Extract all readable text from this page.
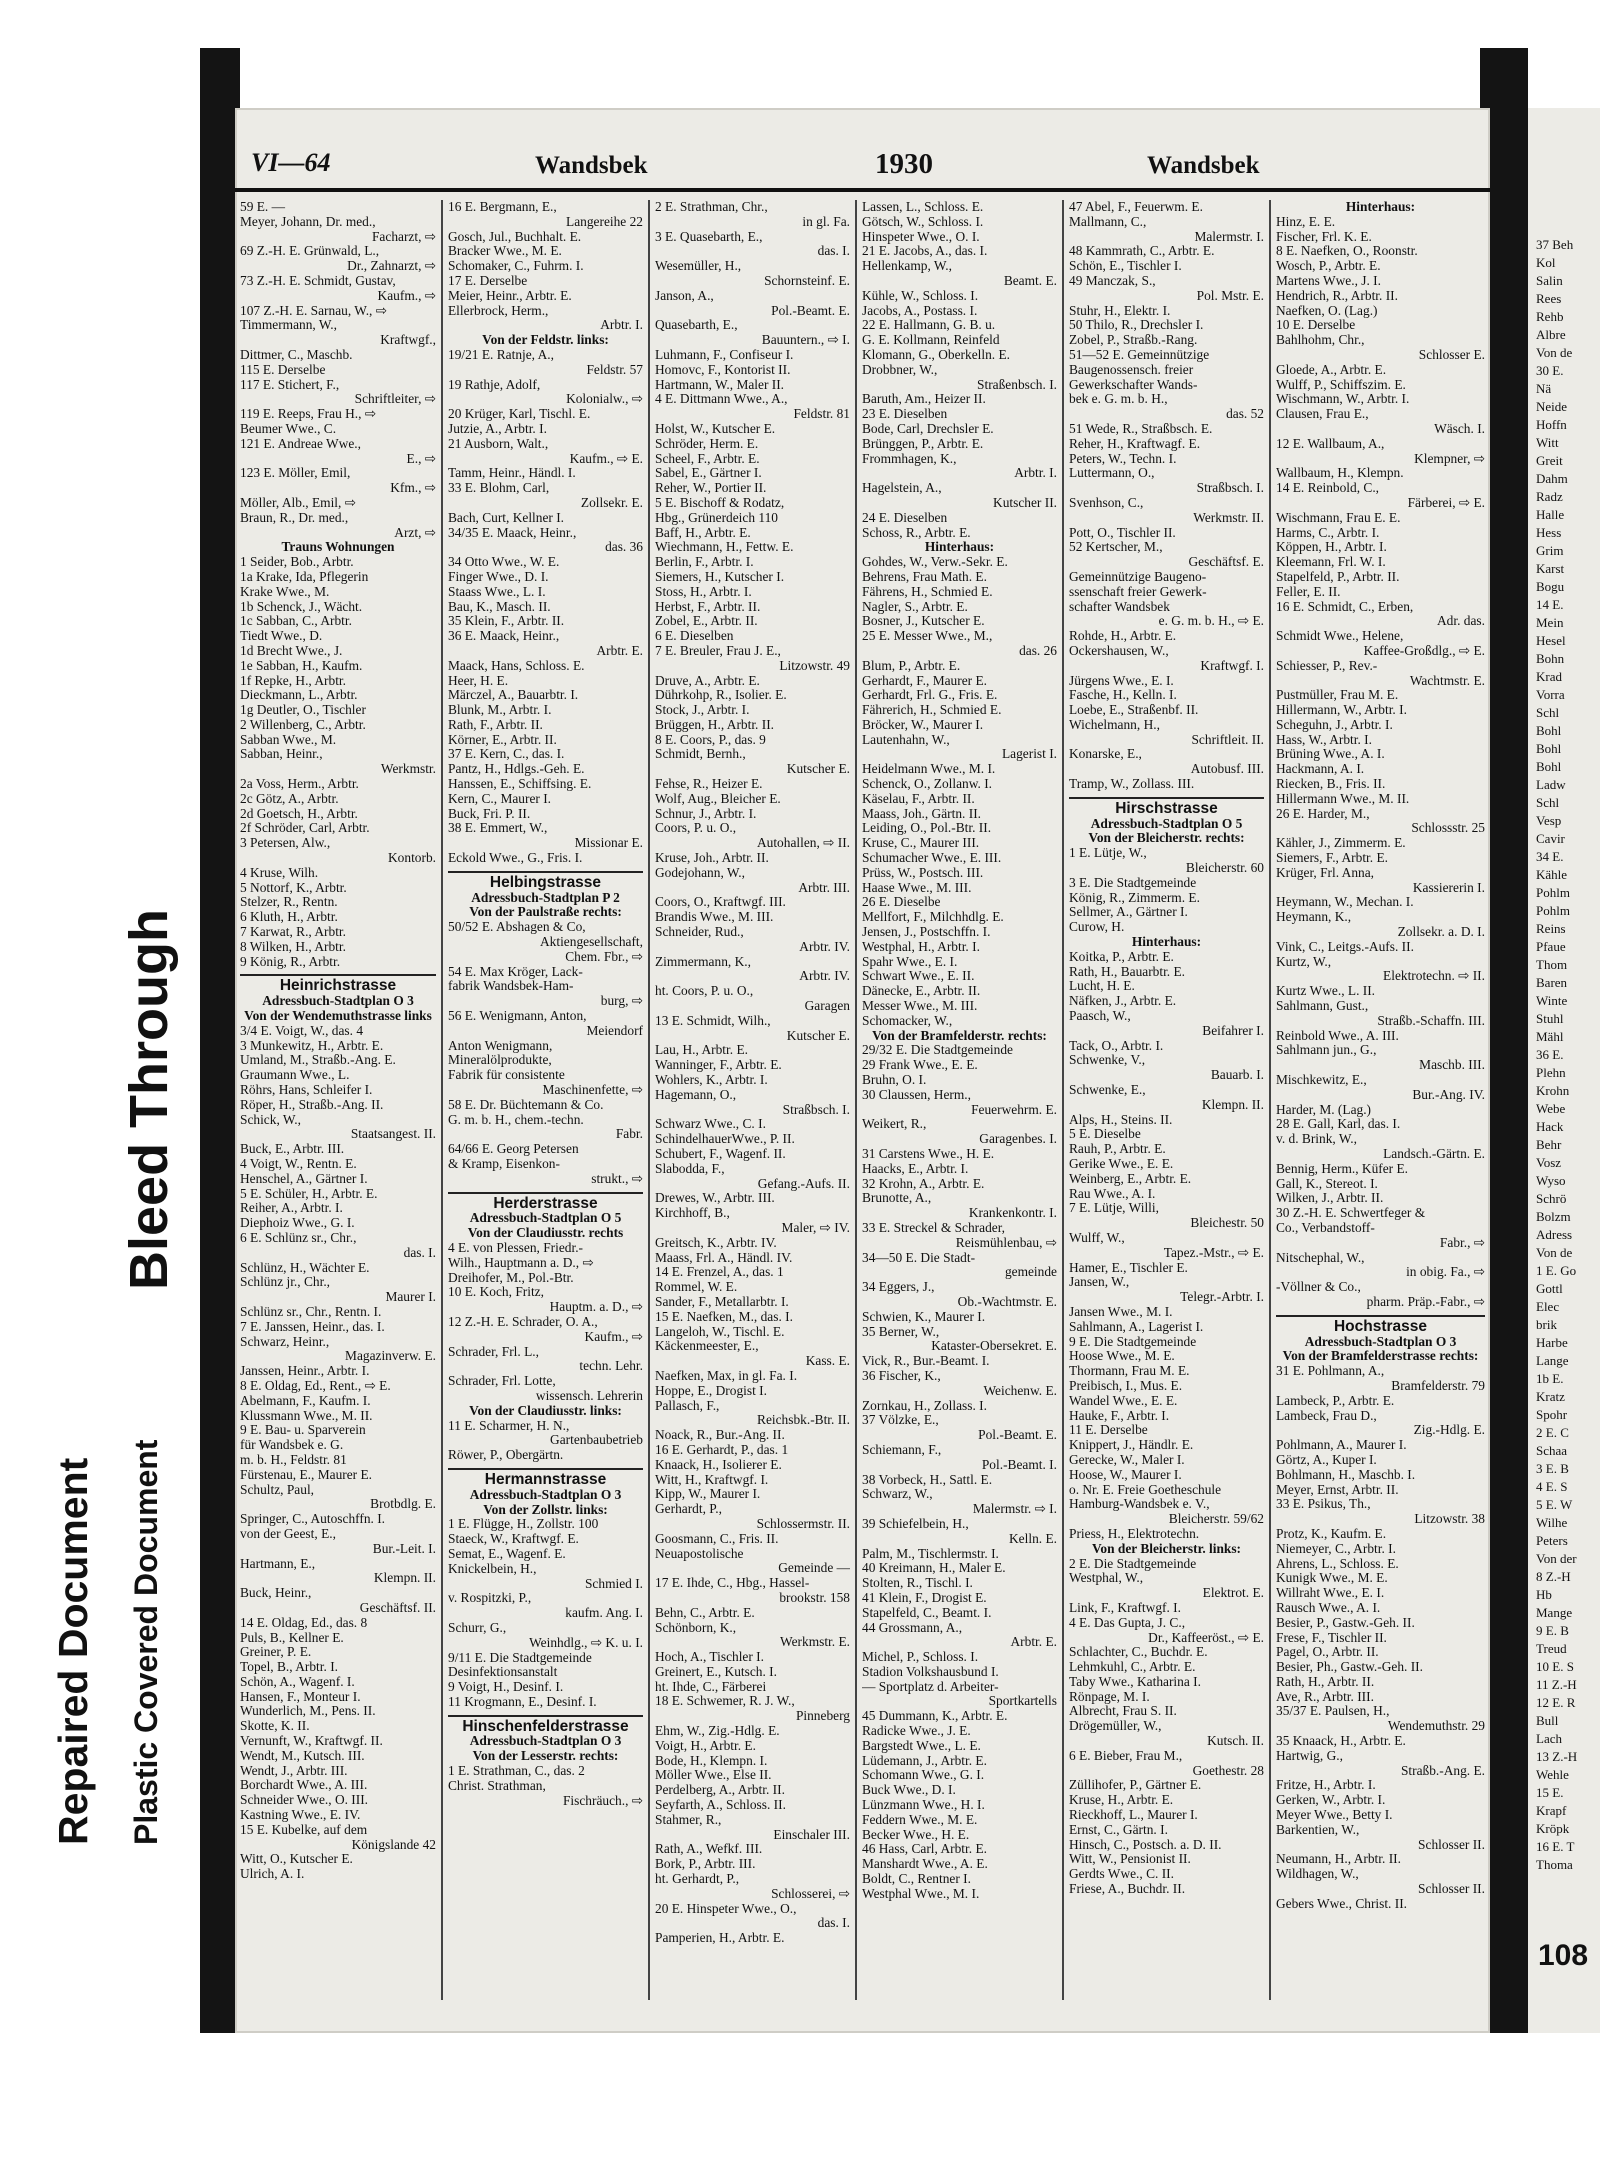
VI—64	Wandsbek	1930	Wandsbek
59 E. —
Meyer, Johann, Dr. med.,
Facharzt, ⇨
69 Z.-H. E. Grünwald, L.,
Dr., Zahnarzt, ⇨
73 Z.-H. E. Schmidt, Gustav,
Kaufm., ⇨
107 Z.-H. E. Sarnau, W., ⇨
Timmermann, W.,
Kraftwgf.,
Dittmer, C., Maschb.
115 E. Derselbe
117 E. Stichert, F.,
Schriftleiter, ⇨
119 E. Reeps, Frau H., ⇨
Beumer Wwe., C.
121 E. Andreae Wwe.,
E., ⇨
123 E. Möller, Emil,
Kfm., ⇨
Möller, Alb., Emil, ⇨
Braun, R., Dr. med.,
Arzt, ⇨
Trauns Wohnungen
1 Seider, Bob., Arbtr.
1a Krake, Ida, Pflegerin
Krake Wwe., M.
1b Schenck, J., Wächt.
1c Sabban, C., Arbtr.
Tiedt Wwe., D.
1d Brecht Wwe., J.
1e Sabban, H., Kaufm.
1f Repke, H., Arbtr.
Dieckmann, L., Arbtr.
1g Deutler, O., Tischler
2 Willenberg, C., Arbtr.
Sabban Wwe., M.
Sabban, Heinr.,
Werkmstr.
2a Voss, Herm., Arbtr.
2c Götz, A., Arbtr.
2d Goetsch, H., Arbtr.
2f Schröder, Carl, Arbtr.
3 Petersen, Alw.,
Kontorb.
4 Kruse, Wilh.
5 Nottorf, K., Arbtr.
Stelzer, R., Rentn.
6 Kluth, H., Arbtr.
7 Karwat, R., Arbtr.
8 Wilken, H., Arbtr.
9 König, R., Arbtr.
Heinrichstrasse
Adressbuch-Stadtplan O 3
Von der Wendemuthstrasse links
3/4 E. Voigt, W., das. 4
3 Munkewitz, H., Arbtr. E.
Umland, M., Straßb.-Ang. E.
Graumann Wwe., L.
Röhrs, Hans, Schleifer I.
Röper, H., Straßb.-Ang. II.
Schick, W.,
Staatsangest. II.
Buck, E., Arbtr. III.
4 Voigt, W., Rentn. E.
Henschel, A., Gärtner I.
5 E. Schüler, H., Arbtr. E.
Reiher, A., Arbtr. I.
Diephoiz Wwe., G. I.
6 E. Schlünz sr., Chr.,
das. I.
Schlünz, H., Wächter E.
Schlünz jr., Chr.,
Maurer I.
Schlünz sr., Chr., Rentn. I.
7 E. Janssen, Heinr., das. I.
Schwarz, Heinr.,
Magazinverw. E.
Janssen, Heinr., Arbtr. I.
8 E. Oldag, Ed., Rent., ⇨ E.
Abelmann, F., Kaufm. I.
Klussmann Wwe., M. II.
9 E. Bau- u. Sparverein
für Wandsbek e. G.
m. b. H., Feldstr. 81
Fürstenau, E., Maurer E.
Schultz, Paul,
Brotbdlg. E.
Springer, C., Autoschffn. I.
von der Geest, E.,
Bur.-Leit. I.
Hartmann, E.,
Klempn. II.
Buck, Heinr.,
Geschäftsf. II.
14 E. Oldag, Ed., das. 8
Puls, B., Kellner E.
Greiner, P. E.
Topel, B., Arbtr. I.
Schön, A., Wagenf. I.
Hansen, F., Monteur I.
Wunderlich, M., Pens. II.
Skotte, K. II.
Vernunft, W., Kraftwgf. II.
Wendt, M., Kutsch. III.
Wendt, J., Arbtr. III.
Borchardt Wwe., A. III.
Schneider Wwe., O. III.
Kastning Wwe., E. IV.
15 E. Kubelke, auf dem
Königslande 42
Witt, O., Kutscher E.
Ulrich, A. I.
16 E. Bergmann, E.,
Langereihe 22
Gosch, Jul., Buchhalt. E.
Bracker Wwe., M. E.
Schomaker, C., Fuhrm. I.
17 E. Derselbe
Meier, Heinr., Arbtr. E.
Ellerbrock, Herm.,
Arbtr. I.
Von der Feldstr. links:
19/21 E. Ratnje, A.,
Feldstr. 57
19 Rathje, Adolf,
Kolonialw., ⇨
20 Krüger, Karl, Tischl. E.
Jutzie, A., Arbtr. I.
21 Ausborn, Walt.,
Kaufm., ⇨ E.
Tamm, Heinr., Händl. I.
33 E. Blohm, Carl,
Zollsekr. E.
Bach, Curt, Kellner I.
34/35 E. Maack, Heinr.,
das. 36
34 Otto Wwe., W. E.
Finger Wwe., D. I.
Staass Wwe., L. I.
Bau, K., Masch. II.
35 Klein, F., Arbtr. II.
36 E. Maack, Heinr.,
Arbtr. E.
Maack, Hans, Schloss. E.
Heer, H. E.
Märczel, A., Bauarbtr. I.
Blunk, M., Arbtr. I.
Rath, F., Arbtr. II.
Körner, E., Arbtr. II.
37 E. Kern, C., das. I.
Pantz, H., Hdlgs.-Geh. E.
Hanssen, E., Schiffsing. E.
Kern, C., Maurer I.
Buck, Fri. P. II.
38 E. Emmert, W.,
Missionar E.
Eckold Wwe., G., Fris. I.
Helbingstrasse
Adressbuch-Stadtplan P 2
Von der Paulstraße rechts:
50/52 E. Abshagen & Co,
Aktiengesellschaft,
Chem. Fbr., ⇨
54 E. Max Kröger, Lack-
fabrik Wandsbek-Ham-
burg, ⇨
56 E. Wenigmann, Anton,
Meiendorf
Anton Wenigmann,
Mineralölprodukte,
Fabrik für consistente
Maschinenfette, ⇨
58 E. Dr. Büchtemann & Co.
G. m. b. H., chem.-techn.
Fabr.
64/66 E. Georg Petersen
& Kramp, Eisenkon-
strukt., ⇨
Herderstrasse
Adressbuch-Stadtplan O 5
Von der Claudiusstr. rechts
4 E. von Plessen, Friedr.-
Wilh., Hauptmann a. D., ⇨
Dreihofer, M., Pol.-Btr.
10 E. Koch, Fritz,
Hauptm. a. D., ⇨
12 Z.-H. E. Schrader, O. A.,
Kaufm., ⇨
Schrader, Frl. L.,
techn. Lehr.
Schrader, Frl. Lotte,
wissensch. Lehrerin
Von der Claudiusstr. links:
11 E. Scharmer, H. N.,
Gartenbaubetrieb
Röwer, P., Obergärtn.
Hermannstrasse
Adressbuch-Stadtplan O 3
Von der Zollstr. links:
1 E. Flügge, H., Zollstr. 100
Staeck, W., Kraftwgf. E.
Semat, E., Wagenf. E.
Knickelbein, H.,
Schmied I.
v. Rospitzki, P.,
kaufm. Ang. I.
Schurr, G.,
Weinhdlg., ⇨ K. u. I.
9/11 E. Die Stadtgemeinde
Desinfektionsanstalt
9 Voigt, H., Desinf. I.
11 Krogmann, E., Desinf. I.
Hinschenfelderstrasse
Adressbuch-Stadtplan O 3
Von der Lesserstr. rechts:
1 E. Strathman, C., das. 2
Christ. Strathman,
Fischräuch., ⇨
2 E. Strathman, Chr.,
in gl. Fa.
3 E. Quasebarth, E.,
das. I.
Wesemüller, H.,
Schornsteinf. E.
Janson, A.,
Pol.-Beamt. E.
Quasebarth, E.,
Bauuntern., ⇨ I.
Luhmann, F., Confiseur I.
Homovc, F., Kontorist II.
Hartmann, W., Maler II.
4 E. Dittmann Wwe., A.,
Feldstr. 81
Holst, W., Kutscher E.
Schröder, Herm. E.
Scheel, F., Arbtr. E.
Sabel, E., Gärtner I.
Reher, W., Portier II.
5 E. Bischoff & Rodatz,
Hbg., Grünerdeich 110
Baff, H., Arbtr. E.
Wiechmann, H., Fettw. E.
Berlin, F., Arbtr. I.
Siemers, H., Kutscher I.
Stoss, H., Arbtr. I.
Herbst, F., Arbtr. II.
Zobel, E., Arbtr. II.
6 E. Dieselben
7 E. Breuler, Frau J. E.,
Litzowstr. 49
Druve, A., Arbtr. E.
Dührkohp, R., Isolier. E.
Stock, J., Arbtr. I.
Brüggen, H., Arbtr. II.
8 E. Coors, P., das. 9
Schmidt, Bernh.,
Kutscher E.
Fehse, R., Heizer E.
Wolf, Aug., Bleicher E.
Schnur, J., Arbtr. I.
Coors, P. u. O.,
Autohallen, ⇨ II.
Kruse, Joh., Arbtr. II.
Godejohann, W.,
Arbtr. III.
Coors, O., Kraftwgf. III.
Brandis Wwe., M. III.
Schneider, Rud.,
Arbtr. IV.
Zimmermann, K.,
Arbtr. IV.
ht. Coors, P. u. O.,
Garagen
13 E. Schmidt, Wilh.,
Kutscher E.
Lau, H., Arbtr. E.
Wanninger, F., Arbtr. E.
Wohlers, K., Arbtr. I.
Hagemann, O.,
Straßbsch. I.
Schwarz Wwe., C. I.
SchindelhauerWwe., P. II.
Schubert, F., Wagenf. II.
Slabodda, F.,
Gefang.-Aufs. II.
Drewes, W., Arbtr. III.
Kirchhoff, B.,
Maler, ⇨ IV.
Greitsch, K., Arbtr. IV.
Maass, Frl. A., Händl. IV.
14 E. Frenzel, A., das. 1
Rommel, W. E.
Sander, F., Metallarbtr. I.
15 E. Naefken, M., das. I.
Langeloh, W., Tischl. E.
Käckenmeester, E.,
Kass. E.
Naefken, Max, in gl. Fa. I.
Hoppe, E., Drogist I.
Pallasch, F.,
Reichsbk.-Btr. II.
Noack, R., Bur.-Ang. II.
16 E. Gerhardt, P., das. 1
Knaack, H., Isolierer E.
Witt, H., Kraftwgf. I.
Kipp, W., Maurer I.
Gerhardt, P.,
Schlossermstr. II.
Goosmann, C., Fris. II.
Neuapostolische
Gemeinde —
17 E. Ihde, C., Hbg., Hassel-
brookstr. 158
Behn, C., Arbtr. E.
Schönborn, K.,
Werkmstr. E.
Hoch, A., Tischler I.
Greinert, E., Kutsch. I.
ht. Ihde, C., Färberei
18 E. Schwemer, R. J. W.,
Pinneberg
Ehm, W., Zig.-Hdlg. E.
Voigt, H., Arbtr. E.
Bode, H., Klempn. I.
Möller Wwe., Else II.
Perdelberg, A., Arbtr. II.
Seyfarth, A., Schloss. II.
Stahmer, R.,
Einschaler III.
Rath, A., Wefkf. III.
Bork, P., Arbtr. III.
ht. Gerhardt, P.,
Schlosserei, ⇨
20 E. Hinspeter Wwe., O.,
das. I.
Pamperien, H., Arbtr. E.
Lassen, L., Schloss. E.
Götsch, W., Schloss. I.
Hinspeter Wwe., O. I.
21 E. Jacobs, A., das. I.
Hellenkamp, W.,
Beamt. E.
Kühle, W., Schloss. I.
Jacobs, A., Postass. I.
22 E. Hallmann, G. B. u.
G. E. Kollmann, Reinfeld
Klomann, G., Oberkelln. E.
Drobbner, W.,
Straßenbsch. I.
Baruth, Am., Heizer II.
23 E. Dieselben
Bode, Carl, Drechsler E.
Brünggen, P., Arbtr. E.
Frommhagen, K.,
Arbtr. I.
Hagelstein, A.,
Kutscher II.
24 E. Dieselben
Schoss, R., Arbtr. E.
Hinterhaus:
Gohdes, W., Verw.-Sekr. E.
Behrens, Frau Math. E.
Fährens, H., Schmied E.
Nagler, S., Arbtr. E.
Bosner, J., Kutscher E.
25 E. Messer Wwe., M.,
das. 26
Blum, P., Arbtr. E.
Gerhardt, F., Maurer E.
Gerhardt, Frl. G., Fris. E.
Fährerich, H., Schmied E.
Bröcker, W., Maurer I.
Lautenhahn, W.,
Lagerist I.
Heidelmann Wwe., M. I.
Schenck, O., Zollanw. I.
Käselau, F., Arbtr. II.
Maass, Joh., Gärtn. II.
Leiding, O., Pol.-Btr. II.
Kruse, C., Maurer III.
Schumacher Wwe., E. III.
Prüss, W., Postsch. III.
Haase Wwe., M. III.
26 E. Dieselbe
Mellfort, F., Milchhdlg. E.
Jensen, J., Postschffn. I.
Westphal, H., Arbtr. I.
Spahr Wwe., E. I.
Schwart Wwe., E. II.
Dänecke, E., Arbtr. II.
Messer Wwe., M. III.
Schomacker, W.,
Von der Bramfelderstr. rechts:
29/32 E. Die Stadtgemeinde
29 Frank Wwe., E. E.
Bruhn, O. I.
30 Claussen, Herm.,
Feuerwehrm. E.
Weikert, R.,
Garagenbes. I.
31 Carstens Wwe., H. E.
Haacks, E., Arbtr. I.
32 Krohn, A., Arbtr. E.
Brunotte, A.,
Krankenkontr. I.
33 E. Streckel & Schrader,
Reismühlenbau, ⇨
34—50 E. Die Stadt-
gemeinde
34 Eggers, J.,
Ob.-Wachtmstr. E.
Schwien, K., Maurer I.
35 Berner, W.,
Kataster-Obersekret. E.
Vick, R., Bur.-Beamt. I.
36 Fischer, K.,
Weichenw. E.
Zornkau, H., Zollass. I.
37 Völzke, E.,
Pol.-Beamt. E.
Schiemann, F.,
Pol.-Beamt. I.
38 Vorbeck, H., Sattl. E.
Schwarz, W.,
Malermstr. ⇨ I.
39 Schiefelbein, H.,
Kelln. E.
Palm, M., Tischlermstr. I.
40 Kreimann, H., Maler E.
Stolten, R., Tischl. I.
41 Klein, F., Drogist E.
Stapelfeld, C., Beamt. I.
44 Grossmann, A.,
Arbtr. E.
Michel, P., Schloss. I.
Stadion Volkshausbund I.
— Sportplatz d. Arbeiter-
Sportkartells
45 Dummann, K., Arbtr. E.
Radicke Wwe., J. E.
Bargstedt Wwe., L. E.
Lüdemann, J., Arbtr. E.
Schomann Wwe., G. I.
Buck Wwe., D. I.
Lünzmann Wwe., H. I.
Feddern Wwe., M. E.
Becker Wwe., H. E.
46 Hass, Carl, Arbtr. E.
Manshardt Wwe., A. E.
Boldt, C., Rentner I.
Westphal Wwe., M. I.
47 Abel, F., Feuerwm. E.
Mallmann, C.,
Malermstr. I.
48 Kammrath, C., Arbtr. E.
Schön, E., Tischler I.
49 Manczak, S.,
Pol. Mstr. E.
Stuhr, H., Elektr. I.
50 Thilo, R., Drechsler I.
Zobel, P., Straßb.-Rang.
51—52 E. Gemeinnützige
Baugenossensch. freier
Gewerkschafter Wands-
bek e. G. m. b. H.,
das. 52
51 Wede, R., Straßbsch. E.
Reher, H., Kraftwagf. E.
Peters, W., Techn. I.
Luttermann, O.,
Straßbsch. I.
Svenhson, C.,
Werkmstr. II.
Pott, O., Tischler II.
52 Kertscher, M.,
Geschäftsf. E.
Gemeinnützige Baugeno-
ssenschaft freier Gewerk-
schafter Wandsbek
e. G. m. b. H., ⇨ E.
Rohde, H., Arbtr. E.
Ockershausen, W.,
Kraftwgf. I.
Jürgens Wwe., E. I.
Fasche, H., Kelln. I.
Loebe, E., Straßenbf. II.
Wichelmann, H.,
Schriftleit. II.
Konarske, E.,
Autobusf. III.
Tramp, W., Zollass. III.
Hirschstrasse
Adressbuch-Stadtplan O 5
Von der Bleicherstr. rechts:
1 E. Lütje, W.,
Bleicherstr. 60
3 E. Die Stadtgemeinde
König, R., Zimmerm. E.
Sellmer, A., Gärtner I.
Curow, H.
Hinterhaus:
Koitka, P., Arbtr. E.
Rath, H., Bauarbtr. E.
Lucht, H. E.
Näfken, J., Arbtr. E.
Paasch, W.,
Beifahrer I.
Tack, O., Arbtr. I.
Schwenke, V.,
Bauarb. I.
Schwenke, E.,
Klempn. II.
Alps, H., Steins. II.
5 E. Dieselbe
Rauh, P., Arbtr. E.
Gerike Wwe., E. E.
Weinberg, E., Arbtr. E.
Rau Wwe., A. I.
7 E. Lütje, Willi,
Bleichestr. 50
Wulff, W.,
Tapez.-Mstr., ⇨ E.
Hamer, E., Tischler E.
Jansen, W.,
Telegr.-Arbtr. I.
Jansen Wwe., M. I.
Sahlmann, A., Lagerist I.
9 E. Die Stadtgemeinde
Hoose Wwe., M. E.
Thormann, Frau M. E.
Preibisch, I., Mus. E.
Wandel Wwe., E. E.
Hauke, F., Arbtr. I.
11 E. Derselbe
Knippert, J., Händlr. E.
Gerecke, W., Maler I.
Hoose, W., Maurer I.
o. Nr. E. Freie Goetheschule
Hamburg-Wandsbek e. V.,
Bleicherstr. 59/62
Priess, H., Elektrotechn.
Von der Bleicherstr. links:
2 E. Die Stadtgemeinde
Westphal, W.,
Elektrot. E.
Link, F., Kraftwgf. I.
4 E. Das Gupta, J. C.,
Dr., Kaffeeröst., ⇨ E.
Schlachter, C., Buchdr. E.
Lehmkuhl, C., Arbtr. E.
Taby Wwe., Katharina I.
Rönpage, M. I.
Albrecht, Frau S. II.
Drögemüller, W.,
Kutsch. II.
6 E. Bieber, Frau M.,
Goethestr. 28
Züllihofer, P., Gärtner E.
Kruse, H., Arbtr. E.
Rieckhoff, L., Maurer I.
Ernst, C., Gärtn. I.
Hinsch, C., Postsch. a. D. II.
Witt, W., Pensionist II.
Gerdts Wwe., C. II.
Friese, A., Buchdr. II.
Hinterhaus:
Hinz, E. E.
Fischer, Frl. K. E.
8 E. Naefken, O., Roonstr.
Wosch, P., Arbtr. E.
Martens Wwe., J. I.
Hendrich, R., Arbtr. II.
Naefken, O. (Lag.)
10 E. Derselbe
Bahlhohm, Chr.,
Schlosser E.
Gloede, A., Arbtr. E.
Wulff, P., Schiffszim. E.
Wischmann, W., Arbtr. I.
Clausen, Frau E.,
Wäsch. I.
12 E. Wallbaum, A.,
Klempner, ⇨
Wallbaum, H., Klempn.
14 E. Reinbold, C.,
Färberei, ⇨ E.
Wischmann, Frau E. E.
Harms, C., Arbtr. I.
Köppen, H., Arbtr. I.
Kleemann, Frl. W. I.
Stapelfeld, P., Arbtr. II.
Feller, E. II.
16 E. Schmidt, C., Erben,
Adr. das.
Schmidt Wwe., Helene,
Kaffee-Großdlg., ⇨ E.
Schiesser, P., Rev.-
Wachtmstr. E.
Pustmüller, Frau M. E.
Hillermann, W., Arbtr. I.
Scheguhn, J., Arbtr. I.
Hass, W., Arbtr. I.
Brüning Wwe., A. I.
Hackmann, A. I.
Riecken, B., Fris. II.
Hillermann Wwe., M. II.
26 E. Harder, M.,
Schlossstr. 25
Kähler, J., Zimmerm. E.
Siemers, F., Arbtr. E.
Krüger, Frl. Anna,
Kassiererin I.
Heymann, W., Mechan. I.
Heymann, K.,
Zollsekr. a. D. I.
Vink, C., Leitgs.-Aufs. II.
Kurtz, W.,
Elektrotechn. ⇨ II.
Kurtz Wwe., L. II.
Sahlmann, Gust.,
Straßb.-Schaffn. III.
Reinbold Wwe., A. III.
Sahlmann jun., G.,
Maschb. III.
Mischkewitz, E.,
Bur.-Ang. IV.
Harder, M. (Lag.)
28 E. Gall, Karl, das. I.
v. d. Brink, W.,
Landsch.-Gärtn. E.
Bennig, Herm., Küfer E.
Gall, K., Stereot. I.
Wilken, J., Arbtr. II.
30 Z.-H. E. Schwertfeger &
Co., Verbandstoff-
Fabr., ⇨
Nitschephal, W.,
in obig. Fa., ⇨
-Völlner & Co.,
pharm. Präp.-Fabr., ⇨
Hochstrasse
Adressbuch-Stadtplan O 3
Von der Bramfelderstrasse rechts:
31 E. Pohlmann, A.,
Bramfelderstr. 79
Lambeck, P., Arbtr. E.
Lambeck, Frau D.,
Zig.-Hdlg. E.
Pohlmann, A., Maurer I.
Görtz, A., Kuper I.
Bohlmann, H., Maschb. I.
Meyer, Ernst, Arbtr. II.
33 E. Psikus, Th.,
Litzowstr. 38
Protz, K., Kaufm. E.
Niemeyer, C., Arbtr. I.
Ahrens, L., Schloss. E.
Kunigk Wwe., M. E.
Willraht Wwe., E. I.
Rausch Wwe., A. I.
Besier, P., Gastw.-Geh. II.
Frese, F., Tischler II.
Pagel, O., Arbtr. II.
Besier, Ph., Gastw.-Geh. II.
Rath, H., Arbtr. II.
Ave, R., Arbtr. III.
35/37 E. Paulsen, H.,
Wendemuthstr. 29
35 Knaack, H., Arbtr. E.
Hartwig, G.,
Straßb.-Ang. E.
Fritze, H., Arbtr. I.
Gerken, W., Arbtr. I.
Meyer Wwe., Betty I.
Barkentien, W.,
Schlosser II.
Neumann, H., Arbtr. II.
Wildhagen, W.,
Schlosser II.
Gebers Wwe., Christ. II.
37 Beh
Kol
Salin
Rees
Rehb
Albre
Von de
30 E.
Nä
Neide
Hoffn
Witt
Greit
Dahm
Radz
Halle
Hess
Grim
Karst
Bogu
14 E.
Mein
Hesel
Bohn
Krad
Vorra
Schl
Bohl
Bohl
Bohl
Ladw
Schl
Vesp
Cavir
34 E.
Kähle
Pohlm
Pohlm
Reins
Pfaue
Thom
Baren
Winte
Stuhl
Mähl
36 E.
Plehn
Krohn
Webe
Hack
Behr
Vosz
Wyso
Schrö
Bolzm
Adress
Von de
1 E. Go
Gottl
Elec
brik
Harbe
Lange
1b E.
Kratz
Spohr
2 E. C
Schaa
3 E. B
4 E. S
5 E. W
Wilhe
Peters
Von der
8 Z.-H
Hb
Mange
9 E. B
Treud
10 E. S
11 Z.-H
12 E. R
Bull
Lach
13 Z.-H
Wehle
15 E.
Krapf
Kröpk
16 E. T
Thoma
108
Bleed Through
Repaired Document Plastic Covered Document
